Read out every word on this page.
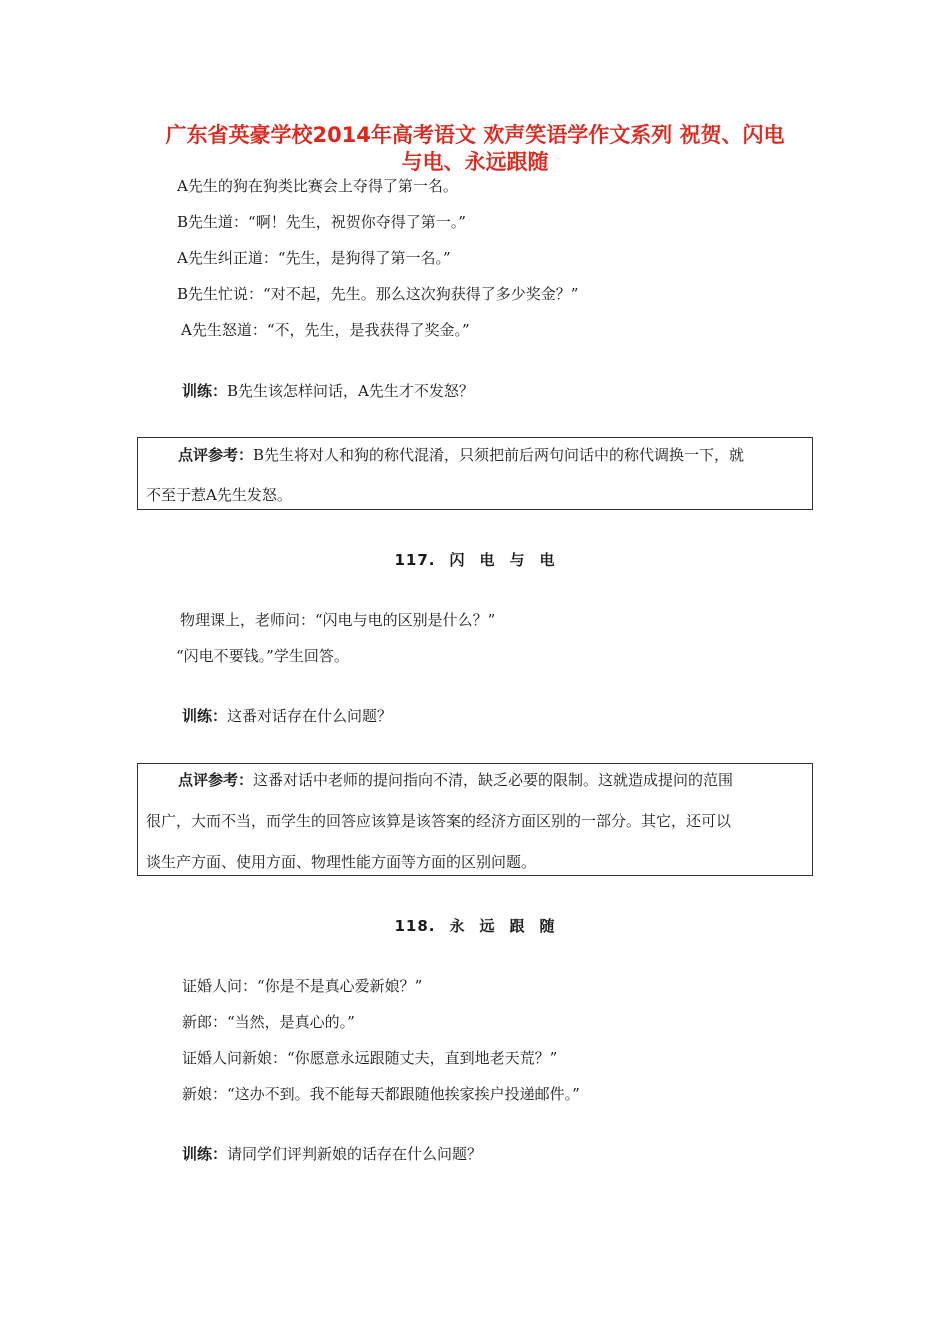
广东省英豪学校2014年高考语文 欢声笑语学作文系列 祝贺、闪电
与电、永远跟随
A先生的狗在狗类比赛会上夺得了第一名。
B先生道：“啊！先生，祝贺你夺得了第一。”
A先生纠正道：“先生，是狗得了第一名。”
B先生忙说：“对不起，先生。那么这次狗获得了多少奖金？”
A先生怒道：“不，先生，是我获得了奖金。”
训练：B先生该怎样问话，A先生才不发怒？
点评参考：B先生将对人和狗的称代混淆，只须把前后两句问话中的称代调换一下，就
不至于惹A先生发怒。
117. 闪 电 与 电
物理课上，老师问：“闪电与电的区别是什么？”
“闪电不要钱。”学生回答。
训练：这番对话存在什么问题？
点评参考：这番对话中老师的提问指向不清，缺乏必要的限制。这就造成提问的范围
很广，大而不当，而学生的回答应该算是该答案的经济方面区别的一部分。其它，还可以
谈生产方面、使用方面、物理性能方面等方面的区别问题。
118. 永 远 跟 随
证婚人问：“你是不是真心爱新娘？”
新郎：“当然，是真心的。”
证婚人问新娘：“你愿意永远跟随丈夫，直到地老天荒？”
新娘：“这办不到。我不能每天都跟随他挨家挨户投递邮件。”
训练：请同学们评判新娘的话存在什么问题？
